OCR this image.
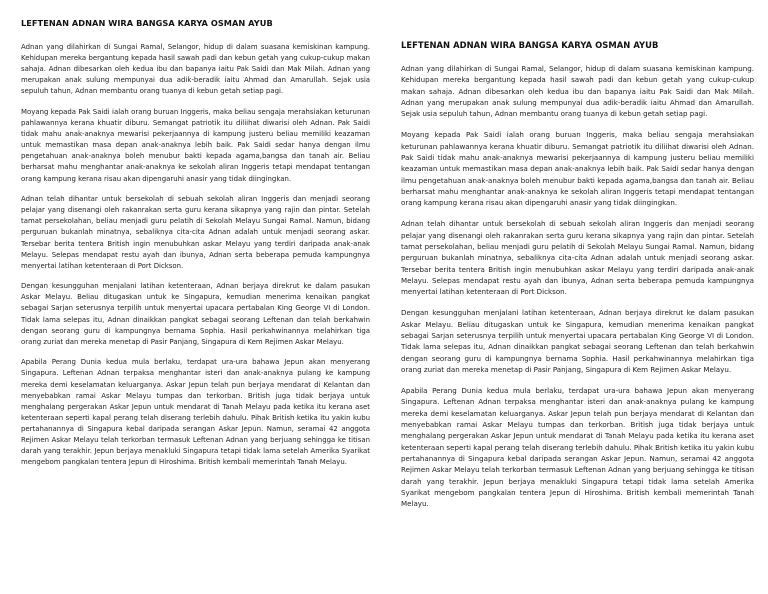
LEFTENAN ADNAN WIRA BANGSA KARYA OSMAN AYUB

Adnan yang dilahirkan di Sungai Ramal, Selangor, hidup di dalam suasana kemiskinan kampung. Kehidupan mereka bergantung kepada hasil sawah padi dan kebun getah yang cukup-cukup makan sahaja. Adnan dibesarkan oleh kedua ibu dan bapanya iaitu Pak Saidi dan Mak Milah. Adnan yang merupakan anak sulung mempunyai dua adik-beradik iaitu Ahmad dan Amarullah. Sejak usia sepuluh tahun, Adnan membantu orang tuanya di kebun getah setiap pagi.

Moyang kepada Pak Saidi ialah orang buruan Inggeris, maka beliau sengaja merahsiakan keturunan pahlawannya kerana khuatir diburu. Semangat patriotik itu diliihat diwarisi oleh Adnan. Pak Saidi tidak mahu anak-anaknya mewarisi pekerjaannya di kampung justeru beliau memiliki keazaman untuk memastikan masa depan anak-anaknya lebih baik. Pak Saidi sedar hanya dengan ilmu pengetahuan anak-anaknya boleh menubur bakti kepada agama,bangsa dan tanah air. Beliau berharsat mahu menghantar anak-anaknya ke sekolah aliran Inggeris tetapi mendapat tentangan orang kampung kerana risau akan dipengaruhi anasir yang tidak diingingkan.

Adnan telah dihantar untuk bersekolah di sebuah sekolah aliran Inggeris dan menjadi seorang pelajar yang disenangi oleh rakanrakan serta guru kerana sikapnya yang rajin dan pintar. Setelah tamat persekolahan, beliau menjadi guru pelatih di Sekolah Melayu Sungai Ramal. Namun, bidang perguruan bukanlah minatnya, sebaliknya cita-cita Adnan adalah untuk menjadi seorang askar. Tersebar berita tentera British ingin menubuhkan askar Melayu yang terdiri daripada anak-anak Melayu. Selepas mendapat restu ayah dan ibunya, Adnan serta beberapa pemuda kampungnya menyertai latihan ketenteraan di Port Dickson.

Dengan kesungguhan menjalani latihan ketenteraan, Adnan berjaya direkrut ke dalam pasukan Askar Melayu. Beliau ditugaskan untuk ke Singapura, kemudian menerima kenaikan pangkat sebagai Sarjan seterusnya terpilih untuk menyertai upacara pertabalan King George VI di London. Tidak lama selepas itu, Adnan dinaikkan pangkat sebagai seorang Leftenan dan telah berkahwin dengan seorang guru di kampungnya bernama Sophia. Hasil perkahwinannya melahirkan tiga orang zuriat dan mereka menetap di Pasir Panjang, Singapura di Kem Rejimen Askar Melayu.

Apabila Perang Dunia kedua mula berlaku, terdapat ura-ura bahawa Jepun akan menyerang Singapura. Leftenan Adnan terpaksa menghantar isteri dan anak-anaknya pulang ke kampung mereka demi keselamatan keluarganya. Askar Jepun telah pun berjaya mendarat di Kelantan dan menyebabkan ramai Askar Melayu tumpas dan terkorban. British juga tidak berjaya untuk menghalang pergerakan Askar Jepun untuk mendarat di Tanah Melayu pada ketika itu kerana aset ketenteraan seperti kapal perang telah diserang terlebih dahulu. Pihak British ketika itu yakin kubu pertahanannya di Singapura kebal daripada serangan Askar Jepun. Namun, seramai 42 anggota Rejimen Askar Melayu telah terkorban termasuk Leftenan Adnan yang berjuang sehingga ke titisan darah yang terakhir. Jepun berjaya menakluki Singapura tetapi tidak lama setelah Amerika Syarikat mengebom pangkalan tentera Jepun di Hiroshima. British kembali memerintah Tanah Melayu.

LEFTENAN ADNAN WIRA BANGSA KARYA OSMAN AYUB

Adnan yang dilahirkan di Sungai Ramal, Selangor, hidup di dalam suasana kemiskinan kampung. Kehidupan mereka bergantung kepada hasil sawah padi dan kebun getah yang cukup-cukup makan sahaja. Adnan dibesarkan oleh kedua ibu dan bapanya iaitu Pak Saidi dan Mak Milah. Adnan yang merupakan anak sulung mempunyai dua adik-beradik iaitu Ahmad dan Amarullah. Sejak usia sepuluh tahun, Adnan membantu orang tuanya di kebun getah setiap pagi.

Moyang kepada Pak Saidi ialah orang buruan Inggeris, maka beliau sengaja merahsiakan keturunan pahlawannya kerana khuatir diburu. Semangat patriotik itu diliihat diwarisi oleh Adnan. Pak Saidi tidak mahu anak-anaknya mewarisi pekerjaannya di kampung justeru beliau memiliki keazaman untuk memastikan masa depan anak-anaknya lebih baik. Pak Saidi sedar hanya dengan ilmu pengetahuan anak-anaknya boleh menubur bakti kepada agama,bangsa dan tanah air. Beliau berharsat mahu menghantar anak-anaknya ke sekolah aliran Inggeris tetapi mendapat tentangan orang kampung kerana risau akan dipengaruhi anasir yang tidak diingingkan.

Adnan telah dihantar untuk bersekolah di sebuah sekolah aliran Inggeris dan menjadi seorang pelajar yang disenangi oleh rakanrakan serta guru kerana sikapnya yang rajin dan pintar. Setelah tamat persekolahan, beliau menjadi guru pelatih di Sekolah Melayu Sungai Ramal. Namun, bidang perguruan bukanlah minatnya, sebaliknya cita-cita Adnan adalah untuk menjadi seorang askar. Tersebar berita tentera British ingin menubuhkan askar Melayu yang terdiri daripada anak-anak Melayu. Selepas mendapat restu ayah dan ibunya, Adnan serta beberapa pemuda kampungnya menyertai latihan ketenteraan di Port Dickson.

Dengan kesungguhan menjalani latihan ketenteraan, Adnan berjaya direkrut ke dalam pasukan Askar Melayu. Beliau ditugaskan untuk ke Singapura, kemudian menerima kenaikan pangkat sebagai Sarjan seterusnya terpilih untuk menyertai upacara pertabalan King George VI di London. Tidak lama selepas itu, Adnan dinaikkan pangkat sebagai seorang Leftenan dan telah berkahwin dengan seorang guru di kampungnya bernama Sophia. Hasil perkahwinannya melahirkan tiga orang zuriat dan mereka menetap di Pasir Panjang, Singapura di Kem Rejimen Askar Melayu.

Apabila Perang Dunia kedua mula berlaku, terdapat ura-ura bahawa Jepun akan menyerang Singapura. Leftenan Adnan terpaksa menghantar isteri dan anak-anaknya pulang ke kampung mereka demi keselamatan keluarganya. Askar Jepun telah pun berjaya mendarat di Kelantan dan menyebabkan ramai Askar Melayu tumpas dan terkorban. British juga tidak berjaya untuk menghalang pergerakan Askar Jepun untuk mendarat di Tanah Melayu pada ketika itu kerana aset ketenteraan seperti kapal perang telah diserang terlebih dahulu. Pihak British ketika itu yakin kubu pertahanannya di Singapura kebal daripada serangan Askar Jepun. Namun, seramai 42 anggota Rejimen Askar Melayu telah terkorban termasuk Leftenan Adnan yang berjuang sehingga ke titisan darah yang terakhir. Jepun berjaya menakluki Singapura tetapi tidak lama setelah Amerika Syarikat mengebom pangkalan tentera Jepun di Hiroshima. British kembali memerintah Tanah Melayu.
